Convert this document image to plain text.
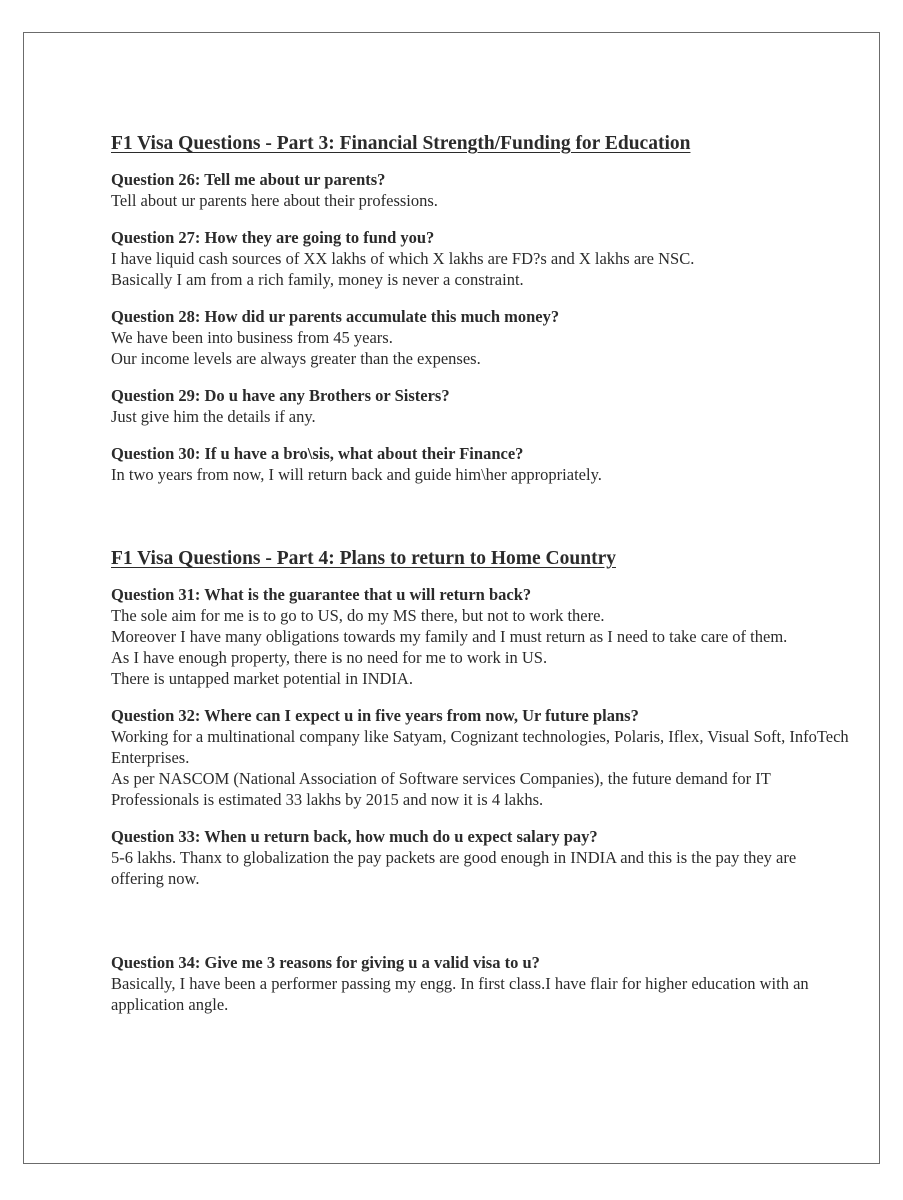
F1 Visa Questions - Part 3: Financial Strength/Funding for Education

Question 26: Tell me about ur parents?

Tell about ur parents here about their professions.

Question 27: How they are going to fund you?

I have liquid cash sources of XX lakhs of which X lakhs are FD?s and X lakhs are NSC.

Basically I am from a rich family, money is never a constraint.

Question 28: How did ur parents accumulate this much money?

We have been into business from 45 years.

Our income levels are always greater than the expenses.

Question 29: Do u have any Brothers or Sisters?

Just give him the details if any.

Question 30: If u have a bro\sis, what about their Finance?

In two years from now, I will return back and guide him\her appropriately.

F1 Visa Questions - Part 4: Plans to return to Home Country

Question 31: What is the guarantee that u will return back?

The sole aim for me is to go to US, do my MS there, but not to work there.

Moreover I have many obligations towards my family and I must return as I need to take care of them.

As I have enough property, there is no need for me to work in US.

There is untapped market potential in INDIA.

Question 32: Where can I expect u in five years from now, Ur future plans?

Working for a multinational company like Satyam, Cognizant technologies, Polaris, Iflex, Visual Soft, InfoTech Enterprises.

As per NASCOM (National Association of Software services Companies), the future demand for IT Professionals is estimated 33 lakhs by 2015 and now it is 4 lakhs.

Question 33: When u return back, how much do u expect salary pay?

5-6 lakhs. Thanx to globalization the pay packets are good enough in INDIA and this is the pay they are offering now.

Question 34: Give me 3 reasons for giving u a valid visa to u?

Basically, I have been a performer passing my engg. In first class.I have flair for higher education with an application angle.
